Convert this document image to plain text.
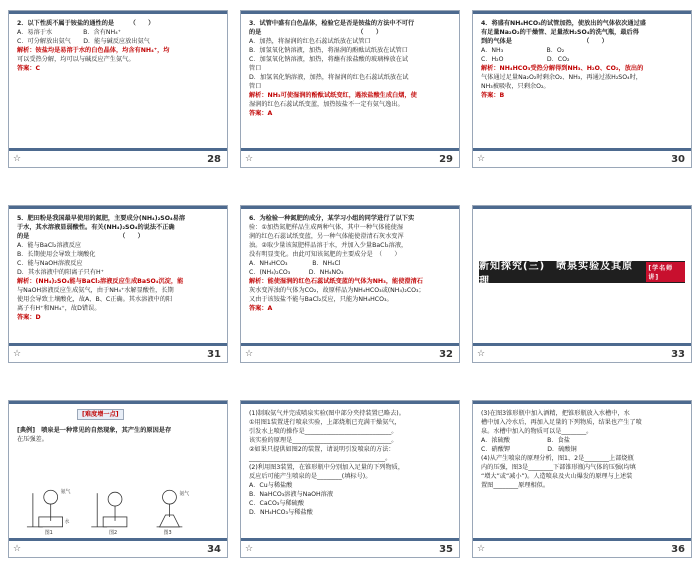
2．以下性质不属于铵盐的通性的是　　　（　　）

A．易溶于水　　　　　B．含有NH₄⁺

C．可分解放出氨气　　D．能与碱反应放出氨气

解析：铵盐均是易溶于水的白色晶体，均含有NH₄⁺，均

可以受热分解，均可以与碱反应产生氨气。

答案：C

☆	28

3．试管中盛有白色晶体，检验它是否是铵盐的方法中不可行

的是　　　　　　　　　　　　　　　　（　　）

A．加热，将湿润的红色石蕊试纸放在试管口

B．加氢氧化钠溶液，加热，将湿润的酚酞试纸放在试管口

C．加氢氧化钠溶液，加热，将蘸有浓盐酸的玻璃棒放在试

管口

D．加氢氧化钠溶液，加热，将湿润的红色石蕊试纸放在试

管口

解析：NH₃可使湿润的酚酞试纸变红，遇浓盐酸生成白烟，使

湿润的红色石蕊试纸变蓝，加热铵盐不一定有氨气逸出。

答案：A

☆	29

4．将盛有NH₄HCO₃的试管加热，使放出的气体依次通过盛

有足量Na₂O₂的干燥管、足量浓H₂SO₄的洗气瓶，最后得

到的气体是　　　　　　　　　　　　（　　）

A．NH₃　　　　　　　B．O₂

C．H₂O　　　　　　　D．CO₂

解析：NH₄HCO₃受热分解得到NH₃、H₂O、CO₂，放出的

气体通过足量Na₂O₂时剩余O₂、NH₃，再通过浓H₂SO₄时，

NH₃被吸收，只剩余O₂。

答案：B

☆	30

5．肥田粉是我国最早使用的氮肥，主要成分(NH₄)₂SO₄易溶

于水，其水溶液显弱酸性。有关(NH₄)₂SO₄的说法不正确

的是　　　　　　　　　　　　　　　（　　）

A．能与BaCl₂溶液反应

B．长期使用会导致土壤酸化

C．能与NaOH溶液反应

D．其水溶液中的阳离子只有H⁺

解析：(NH₄)₂SO₄能与BaCl₂溶液反应生成BaSO₄沉淀，能

与NaOH溶液反应生成氨气，由于NH₄⁺水解显酸性，长期

使用会导致土壤酸化，故A、B、C正确。其水溶液中的阳

离子有H⁺和NH₄⁺，故D错误。

答案：D

☆	31

6．为检验一种氮肥的成分，某学习小组的同学进行了以下实

验：①加热氮肥样品生成两种气体，其中一种气体能使湿

润的红色石蕊试纸变蓝，另一种气体能使澄清石灰水变浑

浊。②取少量该氮肥样品溶于水，并加入少量BaCl₂溶液，

没有明显变化。由此可知该氮肥的主要成分是　（　　）

A．NH₄HCO₃　　　　B．NH₄Cl

C．(NH₄)₂CO₃　　　D．NH₄NO₃

解析：能使湿润的红色石蕊试纸变蓝的气体为NH₃，能使澄清石

灰水变浑浊的气体为CO₂，故原样品为NH₄HCO₃或(NH₄)₂CO₃；

又由于该铵盐不能与BaCl₂反应，只能为NH₄HCO₃。

答案：A

☆	32
新知探究(三)　喷泉实验及其原理
[学名师讲]
☆	33

[难度增一点]

[典例]　喷泉是一种常见的自然现象，其产生的原因是存

在压强差。

图1	图2	图3
氨气
水
氨气
☆	34

(1)制取氨气并完成喷泉实验(图中部分夹持装置已略去)。

①用图1装置进行喷泉实验，上部烧瓶已充满干燥氨气，

引发水上喷的操作是____________________________。

该实验的原理是________________________________。

②如果只提供如图2的装置，请说明引发喷泉的方法：

____________________________________________。

(2)利用图3装置，在锥形瓶中分别加入足量的下列物质，

反应后可能产生喷泉的是________(填标号)。

A．Cu与稀盐酸

B．NaHCO₃溶液与NaOH溶液

C．CaCO₃与稀硫酸

D．NH₄HCO₃与稀盐酸

☆	35

(3)在图3锥形瓶中加入酒精，把锥形瓶放入水槽中，水

槽中加入冷水后，再加入足量的下列物质，结果也产生了喷

泉。水槽中加入的物质可以是________。

A．浓硫酸　　　　　　B．食盐

C．硝酸钾　　　　　　D．硫酸铜

(4)从产生喷泉的原理分析，图1、2是________上部烧瓶

内的压强，图3是________下部锥形瓶内气体的压强(均填

“增大”或“减小”)。人造喷泉及火山爆发的原理与上述装

置图________原理相似。

☆	36
